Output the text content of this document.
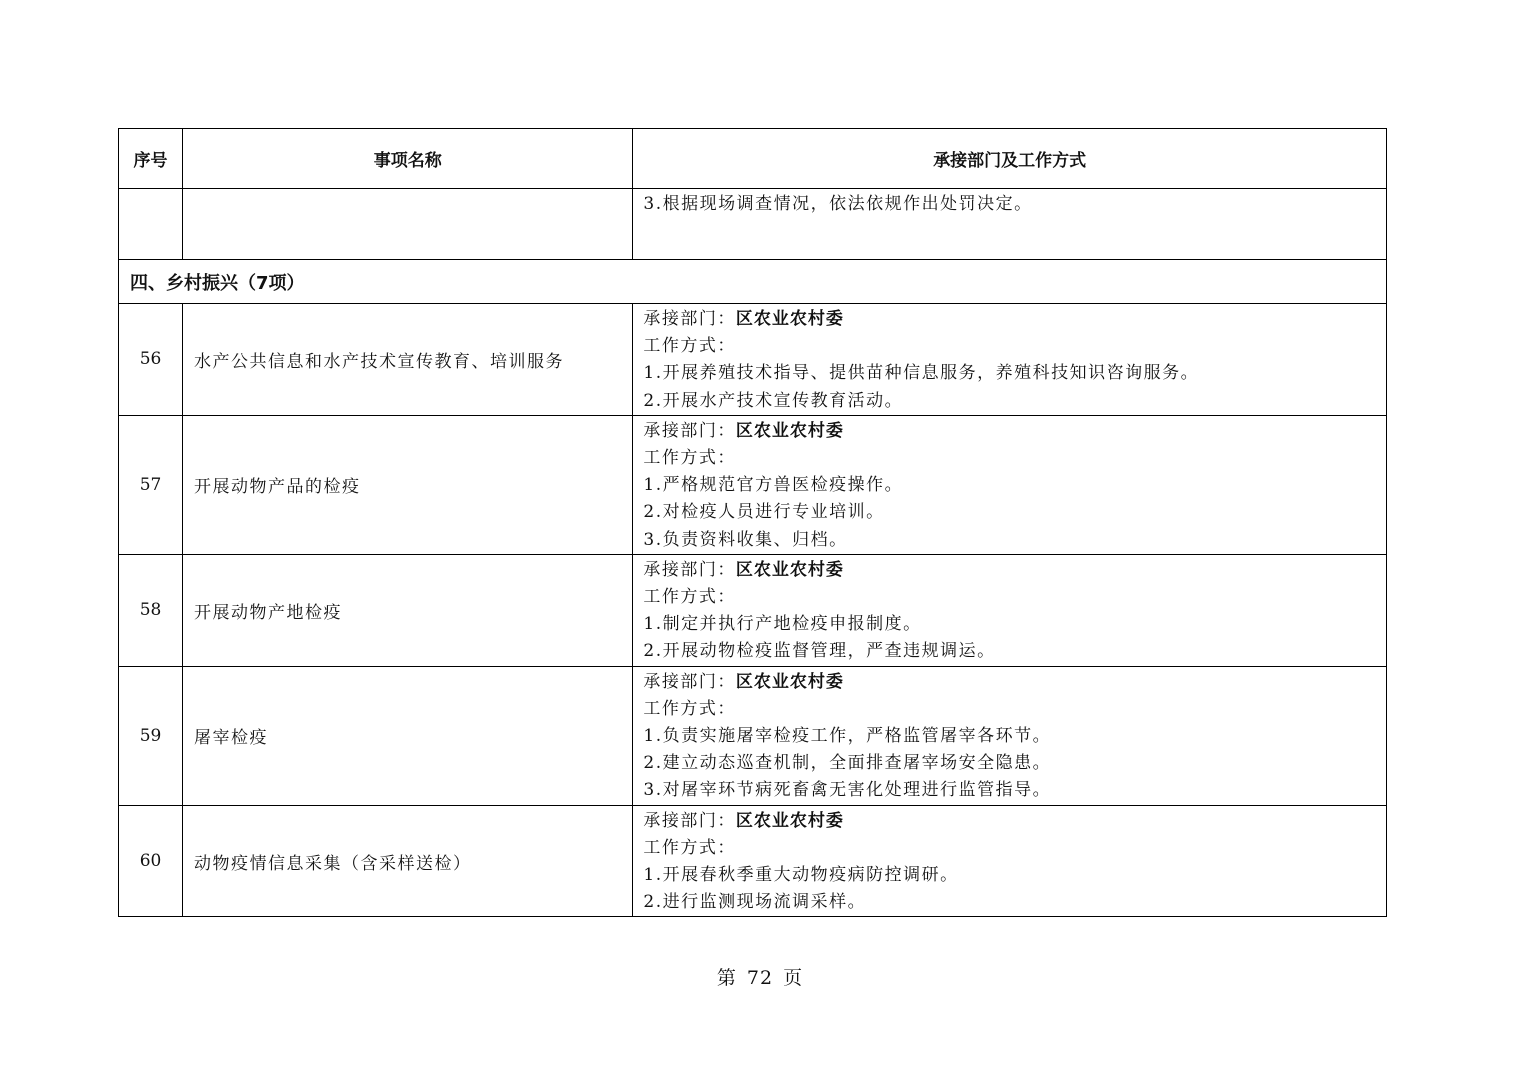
序号	事项名称	承接部门及工作方式

		3.根据现场调查情况，依法依规作出处罚决定。

四、乡村振兴（7项）		
56	水产公共信息和水产技术宣传教育、培训服务	承接部门：区农业农村委
工作方式：
1.开展养殖技术指导、提供苗种信息服务，养殖科技知识咨询服务。
2.开展水产技术宣传教育活动。

57	开展动物产品的检疫	承接部门：区农业农村委
工作方式：
1.严格规范官方兽医检疫操作。
2.对检疫人员进行专业培训。
3.负责资料收集、归档。

58	开展动物产地检疫	承接部门：区农业农村委
工作方式：
1.制定并执行产地检疫申报制度。
2.开展动物检疫监督管理，严查违规调运。

59	屠宰检疫	承接部门：区农业农村委
工作方式：
1.负责实施屠宰检疫工作，严格监管屠宰各环节。
2.建立动态巡查机制，全面排查屠宰场安全隐患。
3.对屠宰环节病死畜禽无害化处理进行监管指导。

60	动物疫情信息采集（含采样送检）	承接部门：区农业农村委
工作方式：
1.开展春秋季重大动物疫病防控调研。
2.进行监测现场流调采样。
第 72 页
